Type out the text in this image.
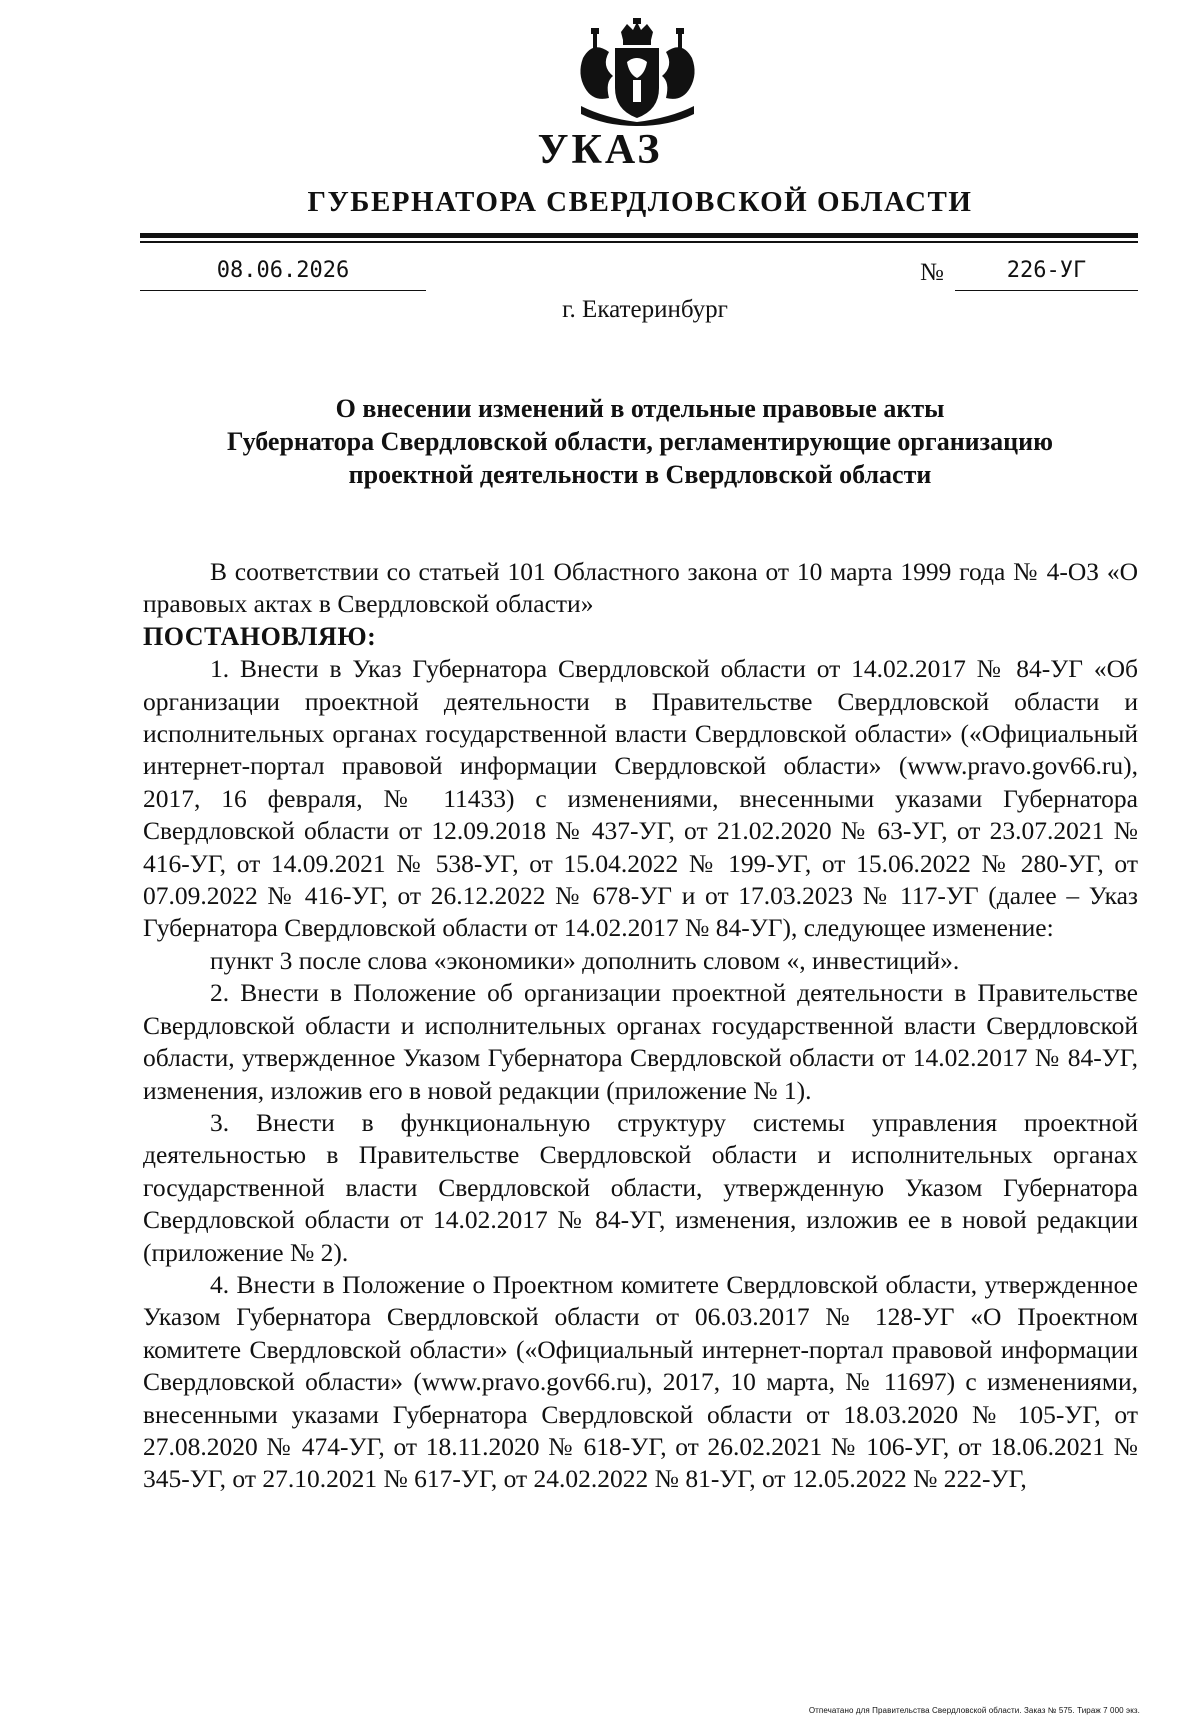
УКАЗ
ГУБЕРНАТОРА СВЕРДЛОВСКОЙ ОБЛАСТИ
08.06.2026	№	226-УГ
г. Екатеринбург
О внесении изменений в отдельные правовые акты
Губернатора Свердловской области, регламентирующие организацию
проектной деятельности в Свердловской области

В соответствии со статьей 101 Областного закона от 10 марта 1999 года № 4-ОЗ «О правовых актах в Свердловской области»

ПОСТАНОВЛЯЮ:

1. Внести в Указ Губернатора Свердловской области от 14.02.2017 № 84-УГ «Об организации проектной деятельности в Правительстве Свердловской области и исполнительных органах государственной власти Свердловской области» («Официальный интернет-портал правовой информации Свердловской области» (www.pravo.gov66.ru), 2017, 16 февраля, № 11433) с изменениями, внесенными указами Губернатора Свердловской области от 12.09.2018 № 437-УГ, от 21.02.2020 № 63-УГ, от 23.07.2021 № 416-УГ, от 14.09.2021 № 538-УГ, от 15.04.2022 № 199-УГ, от 15.06.2022 № 280-УГ, от 07.09.2022 № 416-УГ, от 26.12.2022 № 678-УГ и от 17.03.2023 № 117-УГ (далее – Указ Губернатора Свердловской области от 14.02.2017 № 84-УГ), следующее изменение:

пункт 3 после слова «экономики» дополнить словом «, инвестиций».

2. Внести в Положение об организации проектной деятельности в Правительстве Свердловской области и исполнительных органах государственной власти Свердловской области, утвержденное Указом Губернатора Свердловской области от 14.02.2017 № 84-УГ, изменения, изложив его в новой редакции (приложение № 1).

3. Внести в функциональную структуру системы управления проектной деятельностью в Правительстве Свердловской области и исполнительных органах государственной власти Свердловской области, утвержденную Указом Губернатора Свердловской области от 14.02.2017 № 84-УГ, изменения, изложив ее в новой редакции (приложение № 2).

4. Внести в Положение о Проектном комитете Свердловской области, утвержденное Указом Губернатора Свердловской области от 06.03.2017 № 128-УГ «О Проектном комитете Свердловской области» («Официальный интернет-портал правовой информации Свердловской области» (www.pravo.gov66.ru), 2017, 10 марта, № 11697) с изменениями, внесенными указами Губернатора Свердловской области от 18.03.2020 № 105-УГ, от 27.08.2020 № 474-УГ, от 18.11.2020 № 618-УГ, от 26.02.2021 № 106-УГ, от 18.06.2021 № 345-УГ, от 27.10.2021 № 617-УГ, от 24.02.2022 № 81-УГ, от 12.05.2022 № 222-УГ,

Отпечатано для Правительства Свердловской области. Заказ № 575. Тираж 7 000 экз.
